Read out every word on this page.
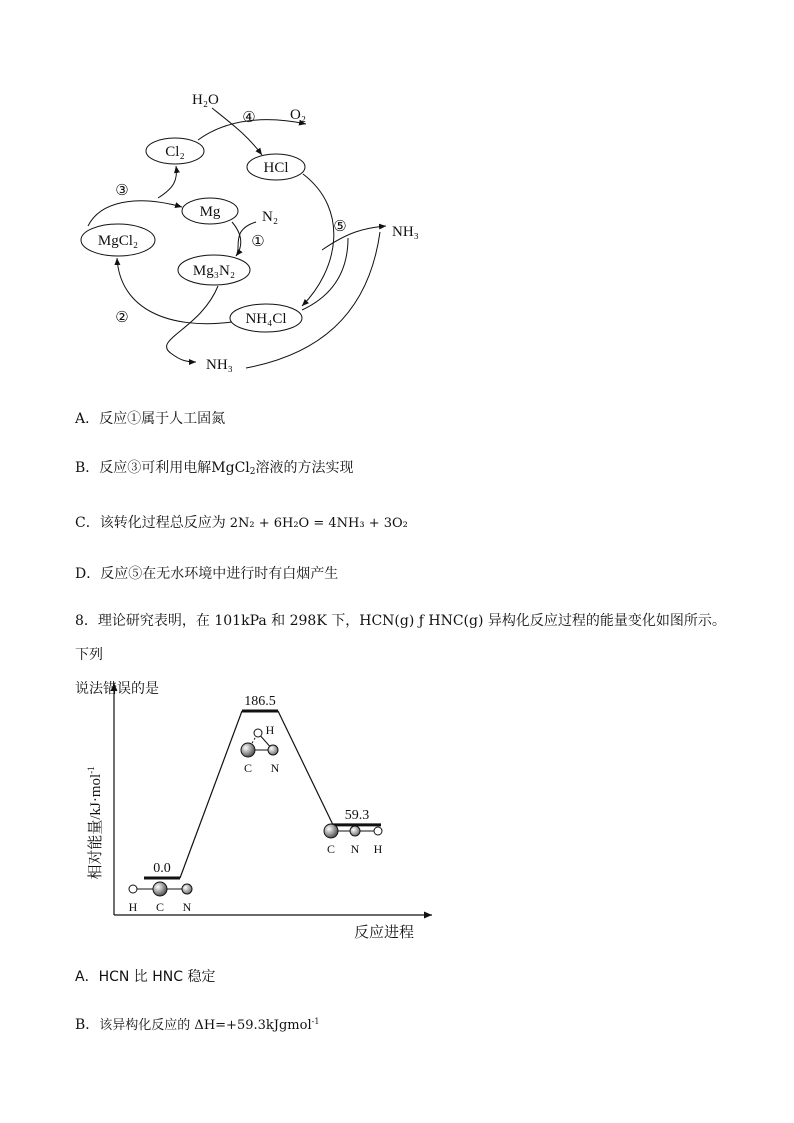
H₂O
O₂
Cl₂
HCl
Mg	N₂
MgCl₂
Mg₃N₂
NH₄Cl
NH₃
NH₃
①
②
③
④
⑤
A．反应①属于人工固氮
B．反应③可利用电解MgCl$_2$溶液的方法实现
C．该转化过程总反应为 2N₂ + 6H₂O = 4NH₃ + 3O₂
D．反应⑤在无水环境中进行时有白烟产生
8．理论研究表明，在 101kPa 和 298K 下，HCN(g) ƒ HNC(g) 异构化反应过程的能量变化如图所示。下列
说法错误的是
相对能量/kJ·mol$^{-1}$
反应进程
0.0
186.5
59.3
H C N
H
C N
C N H
A．HCN 比 HNC 稳定
B．该异构化反应的 ΔH=+59.3kJgmol$^{-1}$
